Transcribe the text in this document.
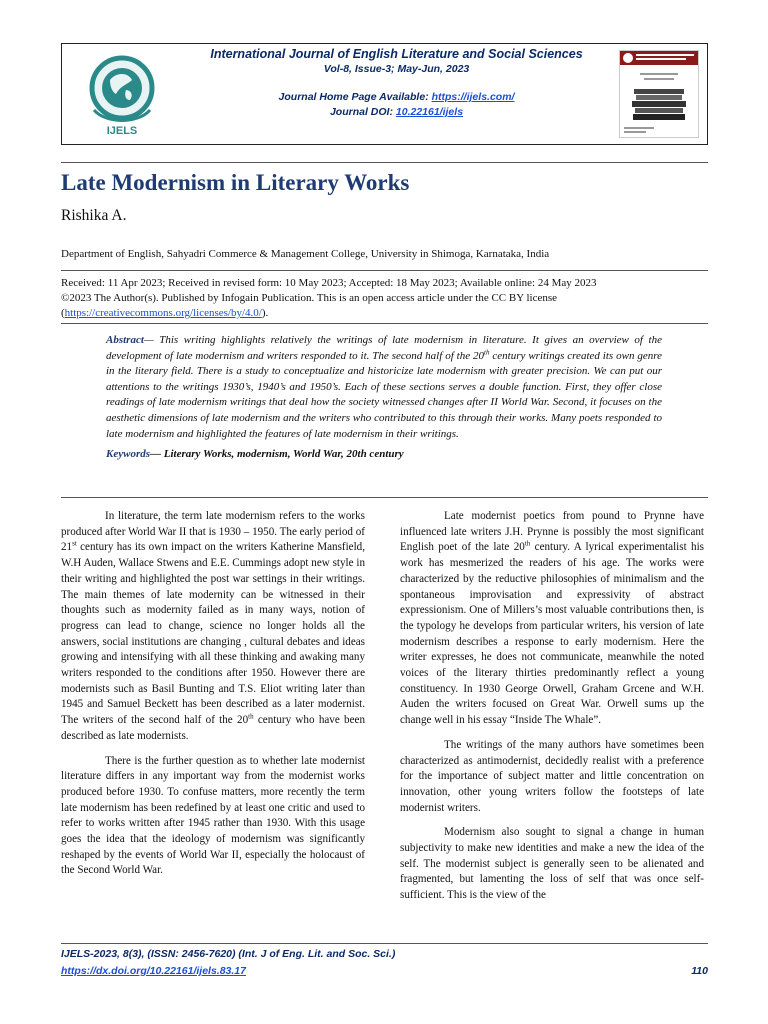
IJELS
International Journal of English Literature and Social Sciences
Vol-8, Issue-3; May-Jun, 2023
Journal Home Page Available: https://ijels.com/
Journal DOI: 10.22161/ijels
Late Modernism in Literary Works
Rishika A.
Department of English, Sahyadri Commerce & Management College, University in Shimoga, Karnataka, India
Received: 11 Apr 2023; Received in revised form: 10 May 2023; Accepted: 18 May 2023; Available online: 24 May 2023
©2023 The Author(s). Published by Infogain Publication. This is an open access article under the CC BY license
(https://creativecommons.org/licenses/by/4.0/).
Abstract— This writing highlights relatively the writings of late modernism in literature. It gives an overview of the development of late modernism and writers responded to it. The second half of the 20th century writings created its own genre in the literary field. There is a study to conceptualize and historicize late modernism with greater precision. We can put our attentions to the writings 1930’s, 1940’s and 1950’s. Each of these sections serves a double function. First, they offer close readings of late modernism writings that deal how the society witnessed changes after II World War. Second, it focuses on the aesthetic dimensions of late modernism and the writers who contributed to this through their works. Many poets responded to late modernism and highlighted the features of late modernism in their writings.
Keywords— Literary Works, modernism, World War, 20th century

In literature, the term late modernism refers to the works produced after World War II that is 1930 – 1950. The early period of 21st century has its own impact on the writers Katherine Mansfield, W.H Auden, Wallace Stwens and E.E. Cummings adopt new style in their writing and highlighted the post war settings in their writings. The main themes of late modernity can be witnessed in their thoughts such as modernity failed as in many ways, notion of progress can lead to change, science no longer holds all the answers, social institutions are changing , cultural debates and ideas growing and intensifying with all these thinking and awaking many writers responded to the conditions after 1950. However there are modernists such as Basil Bunting and T.S. Eliot writing later than 1945 and Samuel Beckett has been described as a later modernist. The writers of the second half of the 20th century who have been described as late modernists.

There is the further question as to whether late modernist literature differs in any important way from the modernist works produced before 1930. To confuse matters, more recently the term late modernism has been redefined by at least one critic and used to refer to works written after 1945 rather than 1930. With this usage goes the idea that the ideology of modernism was significantly reshaped by the events of World War II, especially the holocaust of the Second World War.

Late modernist poetics from pound to Prynne have influenced late writers J.H. Prynne is possibly the most significant English poet of the late 20th century. A lyrical experimentalist his work has mesmerized the readers of his age. The works were characterized by the reductive philosophies of minimalism and the spontaneous improvisation and expressivity of abstract expressionism. One of Millers’s most valuable contributions then, is the typology he develops from particular writers, his version of late modernism describes a response to early modernism. Here the writer expresses, he does not communicate, meanwhile the noted voices of the literary thirties predominantly reflect a young constituency. In 1930 George Orwell, Graham Grcene and W.H. Auden the writers focused on Great War. Orwell sums up the change well in his essay “Inside The Whale”.

The writings of the many authors have sometimes been characterized as antimodernist, decidedly realist with a preference for the importance of subject matter and little concentration on innovation, other young writers follow the footsteps of late modernist writers.

Modernism also sought to signal a change in human subjectivity to make new identities and make a new the idea of the self. The modernist subject is generally seen to be alienated and fragmented, but lamenting the loss of self that was once self-sufficient. This is the view of the

IJELS-2023, 8(3), (ISSN: 2456-7620) (Int. J of Eng. Lit. and Soc. Sci.)
https://dx.doi.org/10.22161/ijels.83.17	110
